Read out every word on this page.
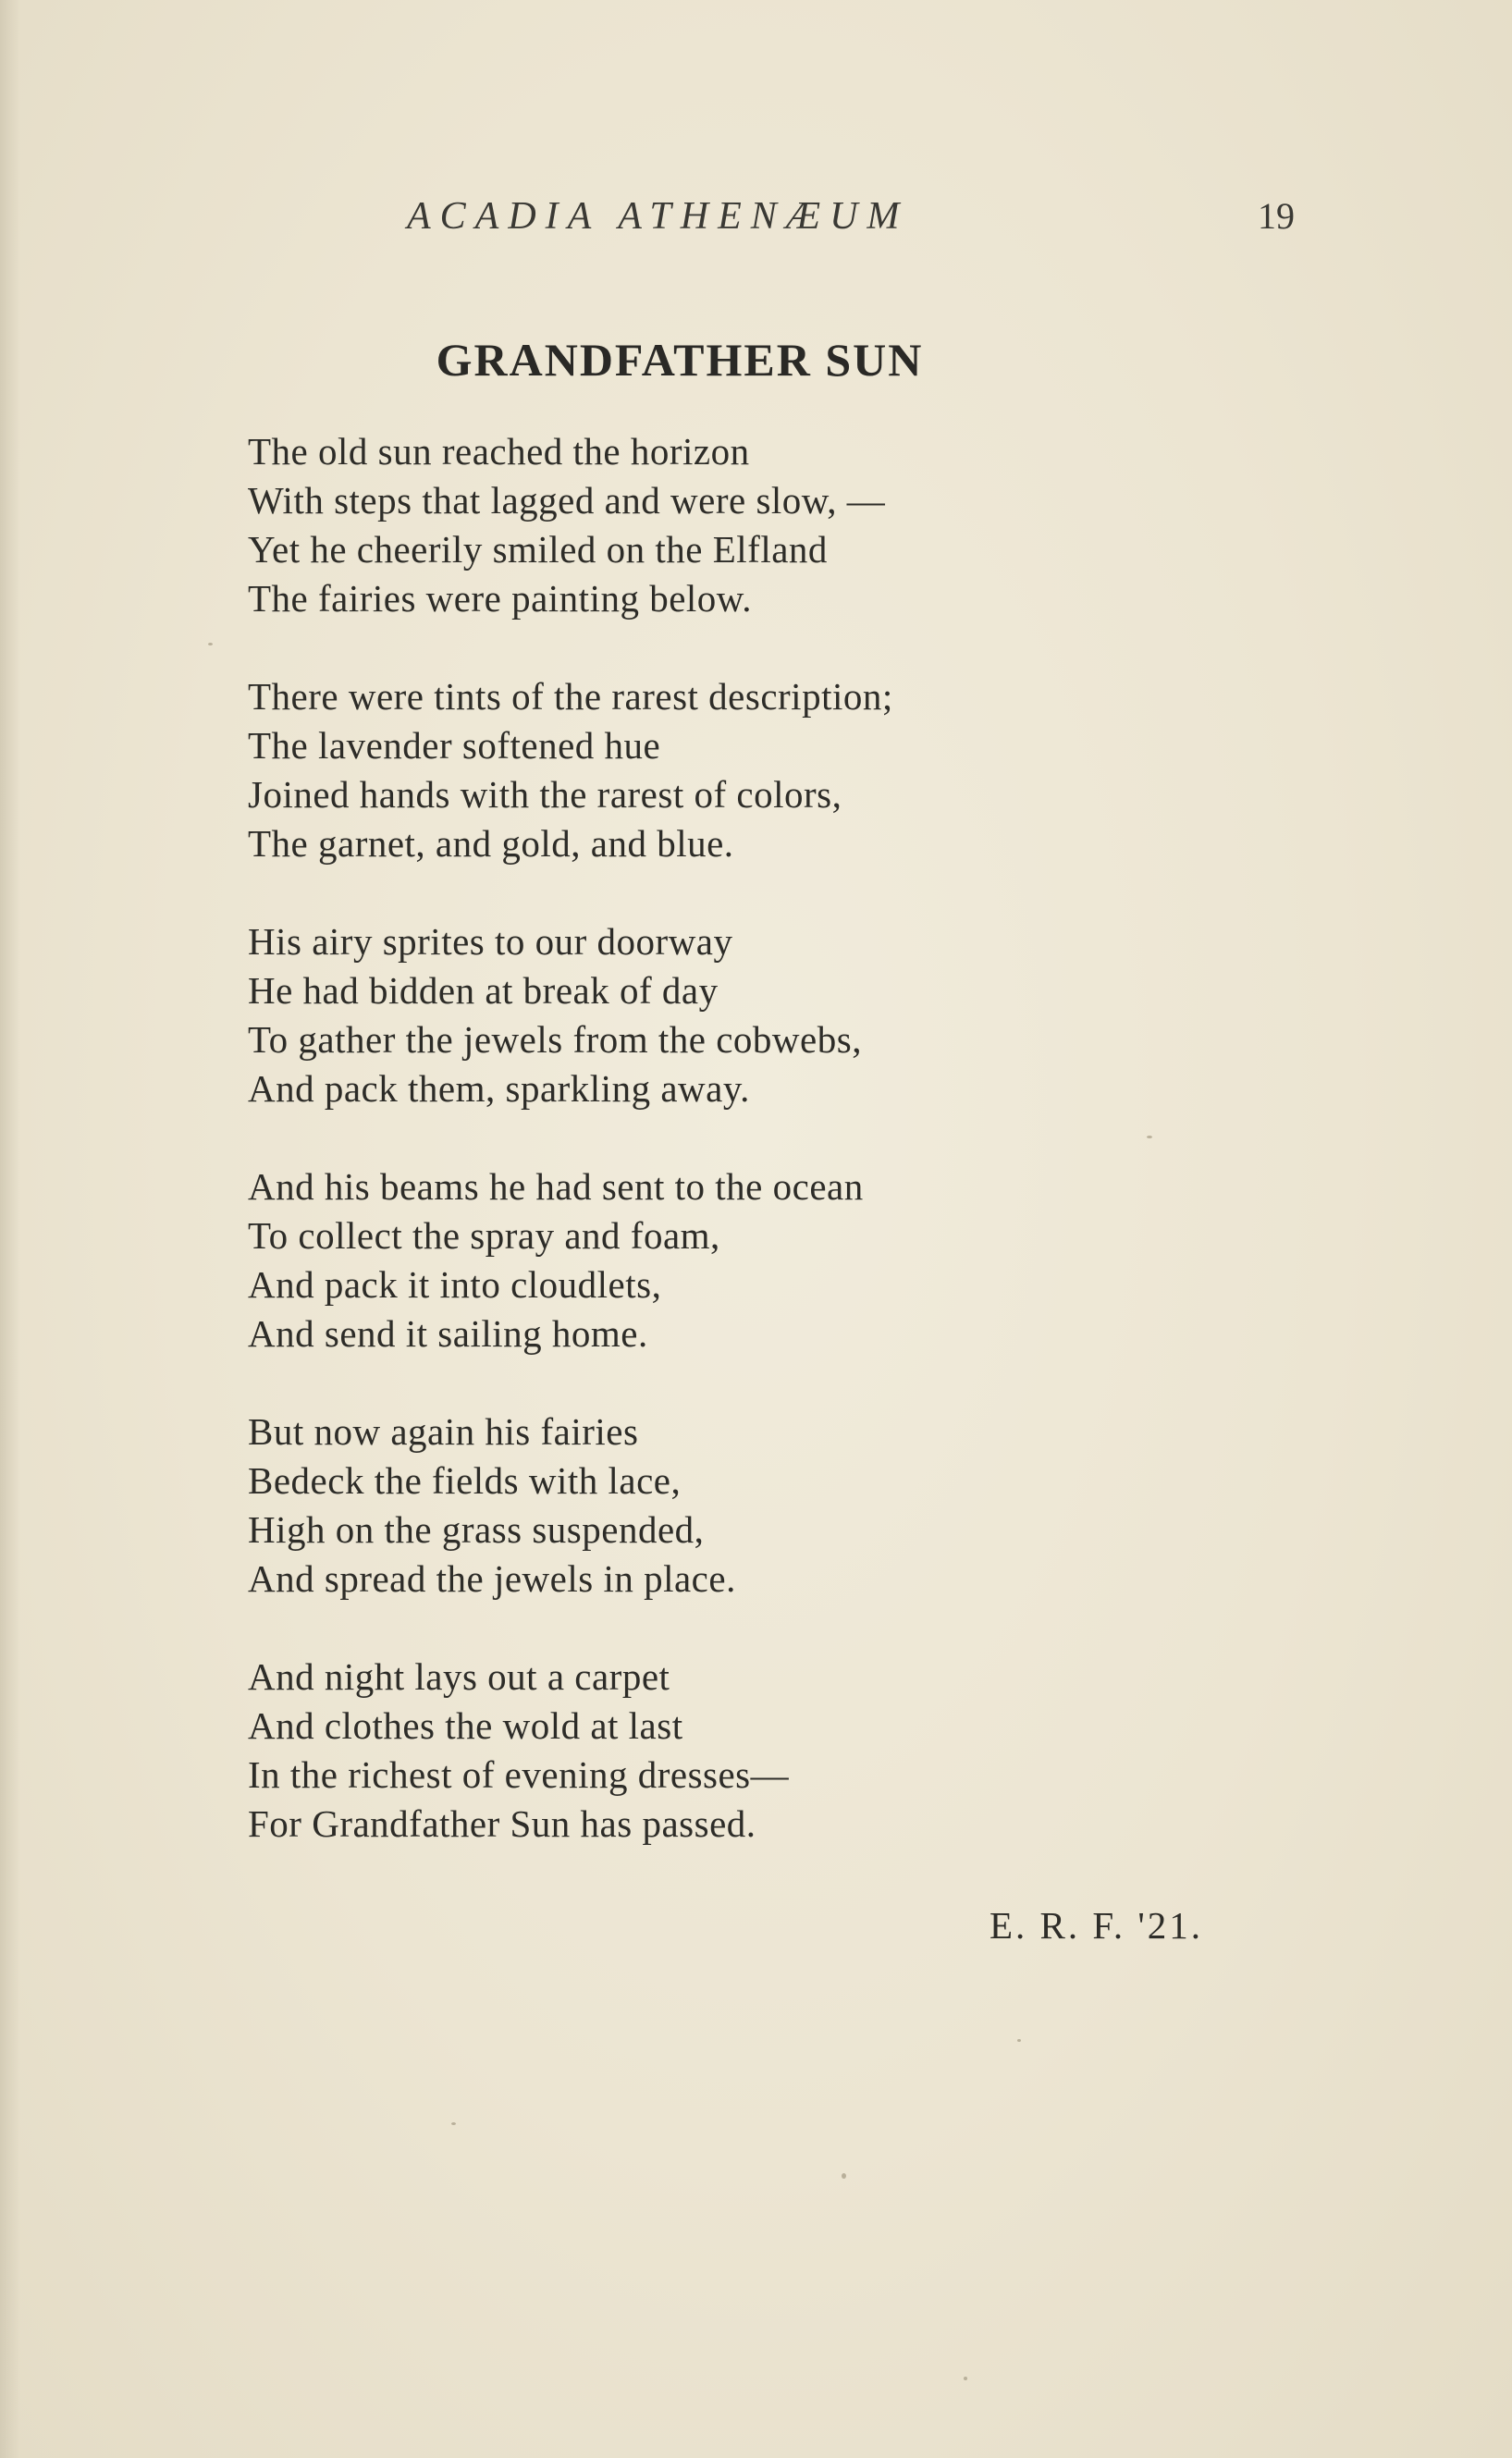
ACADIA ATHENÆUM	19
GRANDFATHER SUN
The old sun reached the horizon
With steps that lagged and were slow, —
Yet he cheerily smiled on the Elfland
The fairies were painting below.
There were tints of the rarest description;
The lavender softened hue
Joined hands with the rarest of colors,
The garnet, and gold, and blue.
His airy sprites to our doorway
He had bidden at break of day
To gather the jewels from the cobwebs,
And pack them, sparkling away.
And his beams he had sent to the ocean
To collect the spray and foam,
And pack it into cloudlets,
And send it sailing home.
But now again his fairies
Bedeck the fields with lace,
High on the grass suspended,
And spread the jewels in place.
And night lays out a carpet
And clothes the wold at last
In the richest of evening dresses—
For Grandfather Sun has passed.
E. R. F. '21.
